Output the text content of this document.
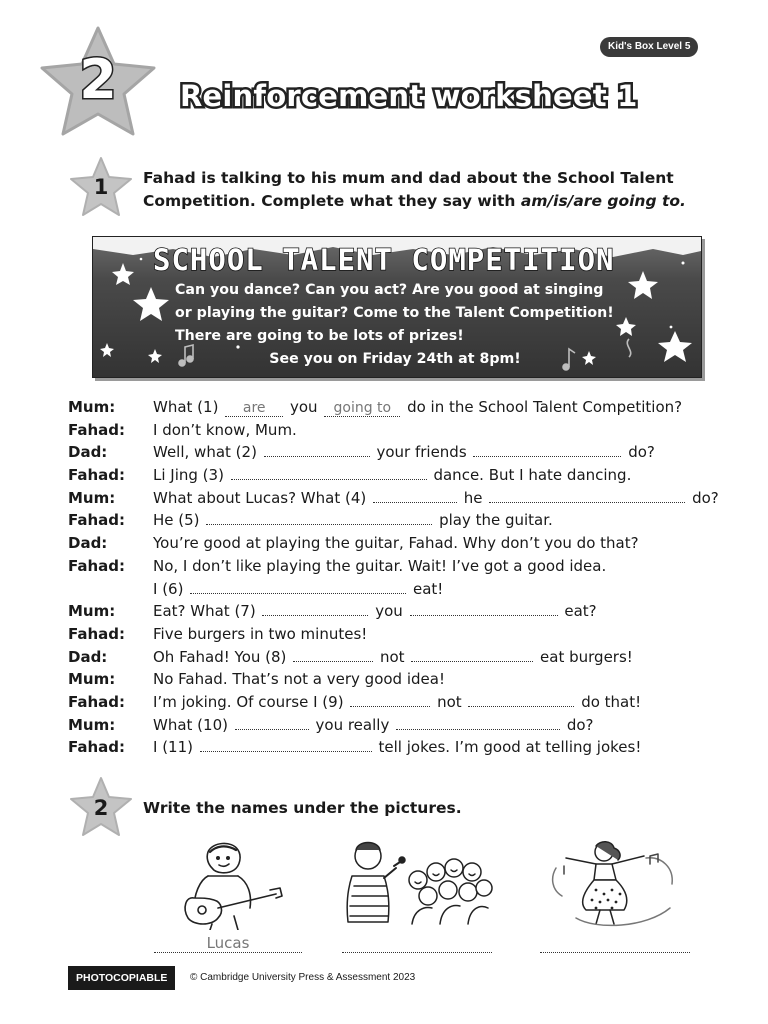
2
Kid's Box Level 5
Reinforcement worksheet 1
1	Fahad is talking to his mum and dad about the School Talent
Competition. Complete what they say with am/is/are going to.

SCHOOL TALENT COMPETITION

Can you dance? Can you act? Are you good at singing
or playing the guitar? Come to the Talent Competition!
There are going to be lots of prizes!

See you on Friday 24th at 8pm!

Mum:	What (1) are you going to do in the School Talent Competition?
Fahad: I don’t know, Mum.
Dad:	Well, what (2)	your friends	do?
Fahad: Li Jing (3)	dance. But I hate dancing.
Mum:	What about Lucas? What (4)	he	do?
Fahad: He (5)	play the guitar.
Dad:	You’re good at playing the guitar, Fahad. Why don’t you do that?
Fahad: No, I don’t like playing the guitar. Wait! I’ve got a good idea.
I (6)	eat!
Mum:	Eat? What (7)	you	eat?
Fahad: Five burgers in two minutes!
Dad:	Oh Fahad! You (8)	not	eat burgers!
Mum:	No Fahad. That’s not a very good idea!
Fahad: I’m joking. Of course I (9)	not	do that!
Mum:	What (10)	you really	do?
Fahad: I (11)	tell jokes. I’m good at telling jokes!
2	Write the names under the pictures.

Lucas
PHOTOCOPIABLE	© Cambridge University Press & Assessment 2023
